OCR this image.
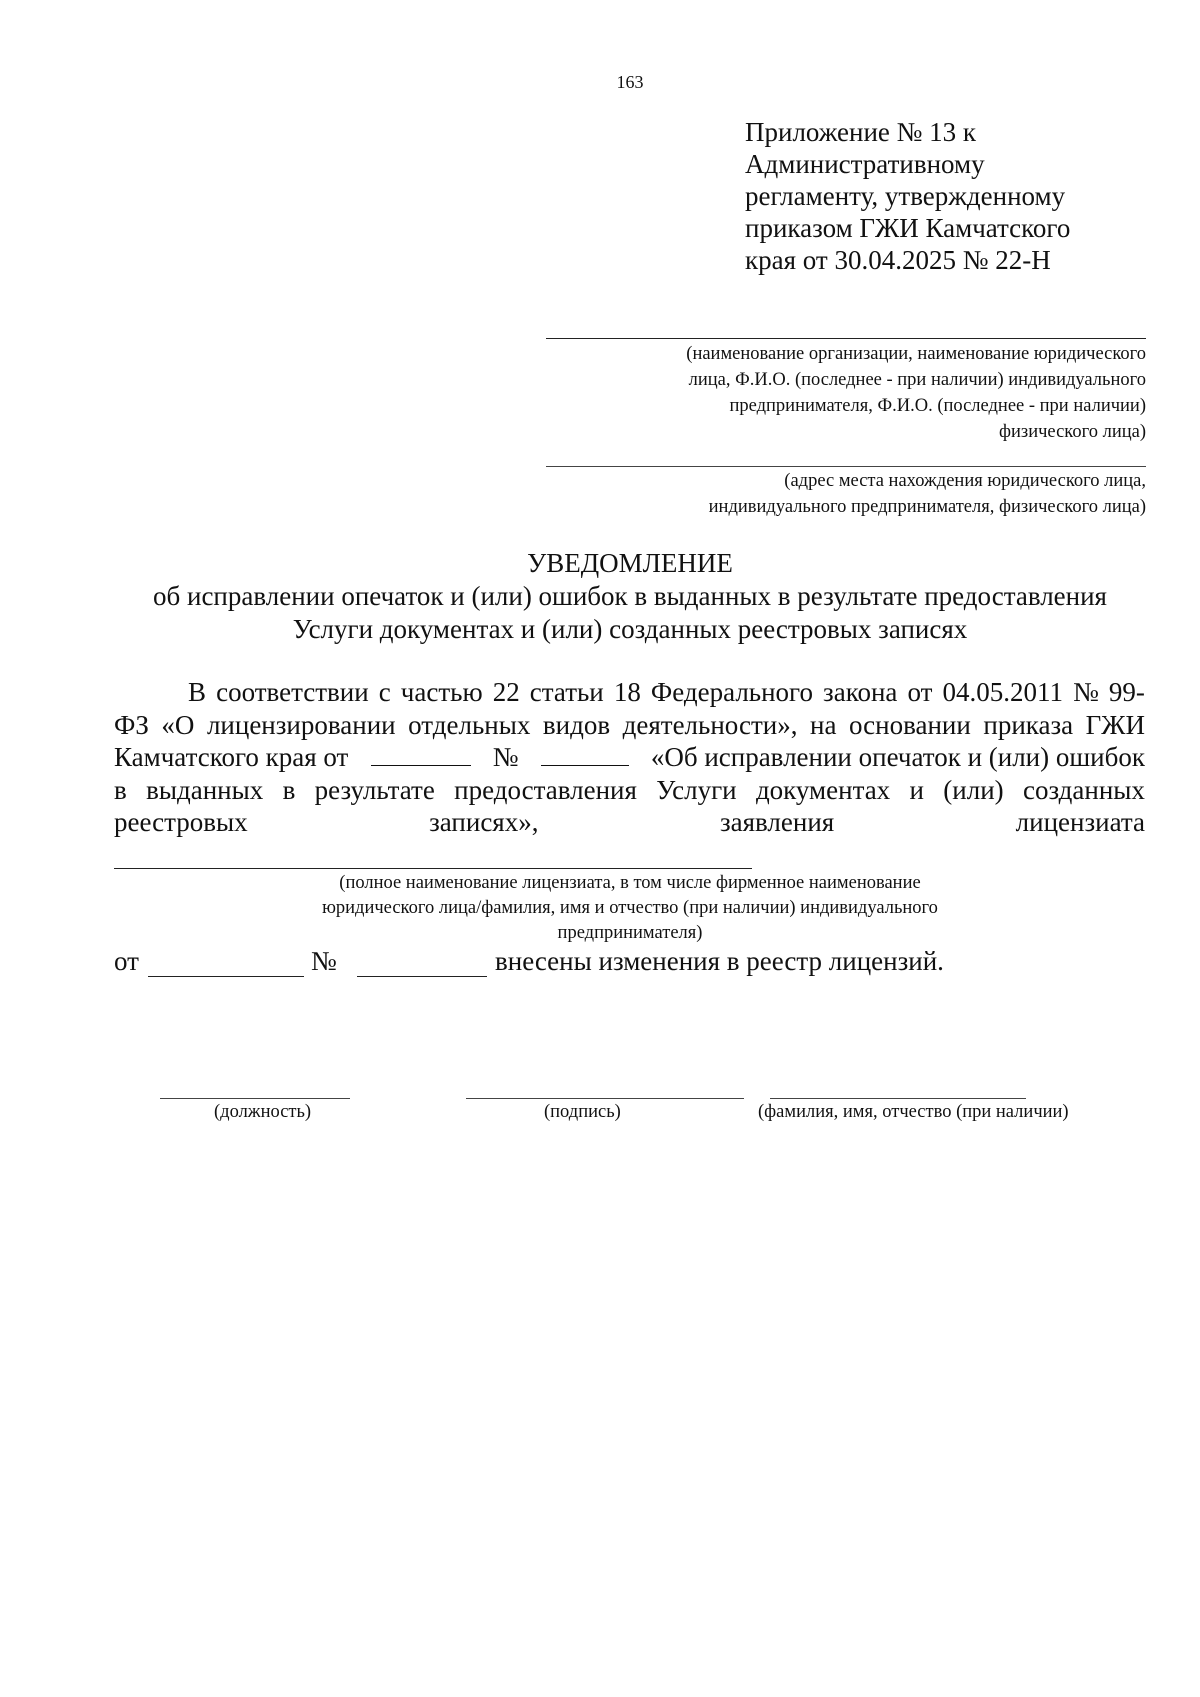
163
Приложение № 13 к
Административному
регламенту, утвержденному
приказом ГЖИ Камчатского
края от 30.04.2025 № 22-Н
(наименование организации, наименование юридического
лица, Ф.И.О. (последнее - при наличии) индивидуального
предпринимателя, Ф.И.О. (последнее - при наличии)
физического лица)
(адрес места нахождения юридического лица,
индивидуального предпринимателя, физического лица)
УВЕДОМЛЕНИЕ
об исправлении опечаток и (или) ошибок в выданных в результате предоставления
Услуги документах и (или) созданных реестровых записях
В соответствии с частью 22 статьи 18 Федерального закона от 04.05.2011 № 99-
ФЗ «О лицензировании отдельных видов деятельности», на основании приказа ГЖИ
Камчатского края от	№	«Об исправлении опечаток и (или) ошибок
в выданных в результате предоставления Услуги документах и (или) созданных
реестровых	записях»,	заявления	лицензиата
(полное наименование лицензиата, в том числе фирменное наименование
юридического лица/фамилия, имя и отчество (при наличии) индивидуального
предпринимателя)
от	№	внесены изменения в реестр лицензий.
(должность)	(подпись)	(фамилия, имя, отчество (при наличии)
